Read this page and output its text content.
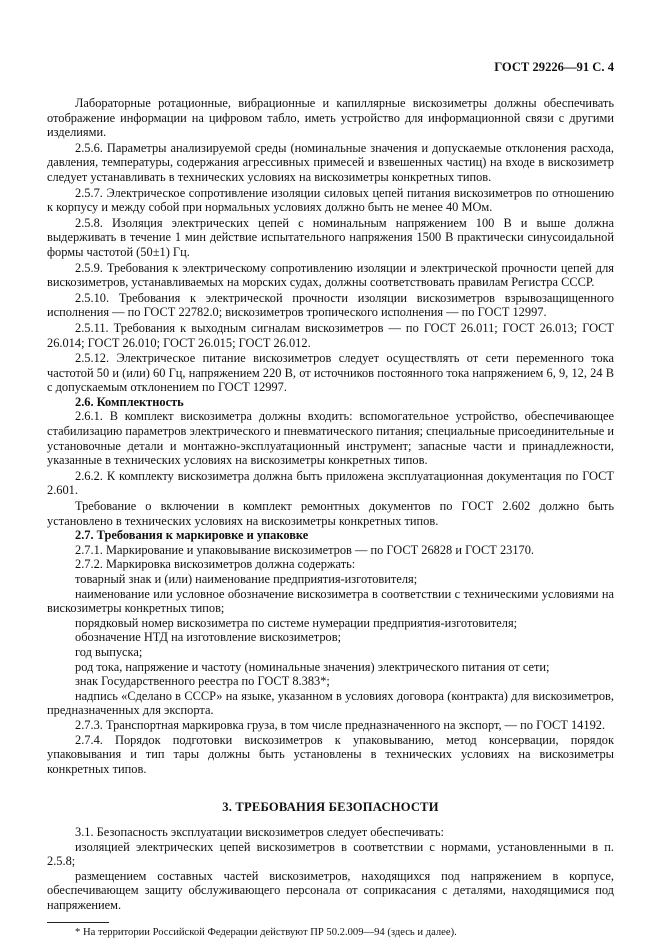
ГОСТ 29226—91 С. 4

Лабораторные ротационные, вибрационные и капиллярные вискозиметры должны обеспечивать отображение информации на цифровом табло, иметь устройство для информационной связи с другими изделиями.

2.5.6. Параметры анализируемой среды (номинальные значения и допускаемые отклонения расхода, давления, температуры, содержания агрессивных примесей и взвешенных частиц) на входе в вискозиметр следует устанавливать в технических условиях на вискозиметры конкретных типов.

2.5.7. Электрическое сопротивление изоляции силовых цепей питания вискозиметров по отношению к корпусу и между собой при нормальных условиях должно быть не менее 40 МОм.

2.5.8. Изоляция электрических цепей с номинальным напряжением 100 В и выше должна выдерживать в течение 1 мин действие испытательного напряжения 1500 В практически синусоидальной формы частотой (50±1) Гц.

2.5.9. Требования к электрическому сопротивлению изоляции и электрической прочности цепей для вискозиметров, устанавливаемых на морских судах, должны соответствовать правилам Регистра СССР.

2.5.10. Требования к электрической прочности изоляции вискозиметров взрывозащищенного исполнения — по ГОСТ 22782.0; вискозиметров тропического исполнения — по ГОСТ 12997.

2.5.11. Требования к выходным сигналам вискозиметров — по ГОСТ 26.011; ГОСТ 26.013; ГОСТ 26.014; ГОСТ 26.010; ГОСТ 26.015; ГОСТ 26.012.

2.5.12. Электрическое питание вискозиметров следует осуществлять от сети переменного тока частотой 50 и (или) 60 Гц, напряжением 220 В, от источников постоянного тока напряжением 6, 9, 12, 24 В с допускаемым отклонением по ГОСТ 12997.

2.6. Комплектность

2.6.1. В комплект вискозиметра должны входить: вспомогательное устройство, обеспечивающее стабилизацию параметров электрического и пневматического питания; специальные присоединительные и установочные детали и монтажно-эксплуатационный инструмент; запасные части и принадлежности, указанные в технических условиях на вискозиметры конкретных типов.

2.6.2. К комплекту вискозиметра должна быть приложена эксплуатационная документация по ГОСТ 2.601.

Требование о включении в комплект ремонтных документов по ГОСТ 2.602 должно быть установлено в технических условиях на вискозиметры конкретных типов.

2.7. Требования к маркировке и упаковке

2.7.1. Маркирование и упаковывание вискозиметров — по ГОСТ 26828 и ГОСТ 23170.

2.7.2. Маркировка вискозиметров должна содержать:

товарный знак и (или) наименование предприятия-изготовителя;

наименование или условное обозначение вискозиметра в соответствии с техническими условиями на вискозиметры конкретных типов;

порядковый номер вискозиметра по системе нумерации предприятия-изготовителя;

обозначение НТД на изготовление вискозиметров;

год выпуска;

род тока, напряжение и частоту (номинальные значения) электрического питания от сети;

знак Государственного реестра по ГОСТ 8.383*;

надпись «Сделано в СССР» на языке, указанном в условиях договора (контракта) для вискозиметров, предназначенных для экспорта.

2.7.3. Транспортная маркировка груза, в том числе предназначенного на экспорт, — по ГОСТ 14192.

2.7.4. Порядок подготовки вискозиметров к упаковыванию, метод консервации, порядок упаковывания и тип тары должны быть установлены в технических условиях на вискозиметры конкретных типов.

3. ТРЕБОВАНИЯ БЕЗОПАСНОСТИ

3.1. Безопасность эксплуатации вискозиметров следует обеспечивать:

изоляцией электрических цепей вискозиметров в соответствии с нормами, установленными в п. 2.5.8;

размещением составных частей вискозиметров, находящихся под напряжением в корпусе, обеспечивающем защиту обслуживающего персонала от соприкасания с деталями, находящимися под напряжением.

* На территории Российской Федерации действуют ПР 50.2.009—94 (здесь и далее).
